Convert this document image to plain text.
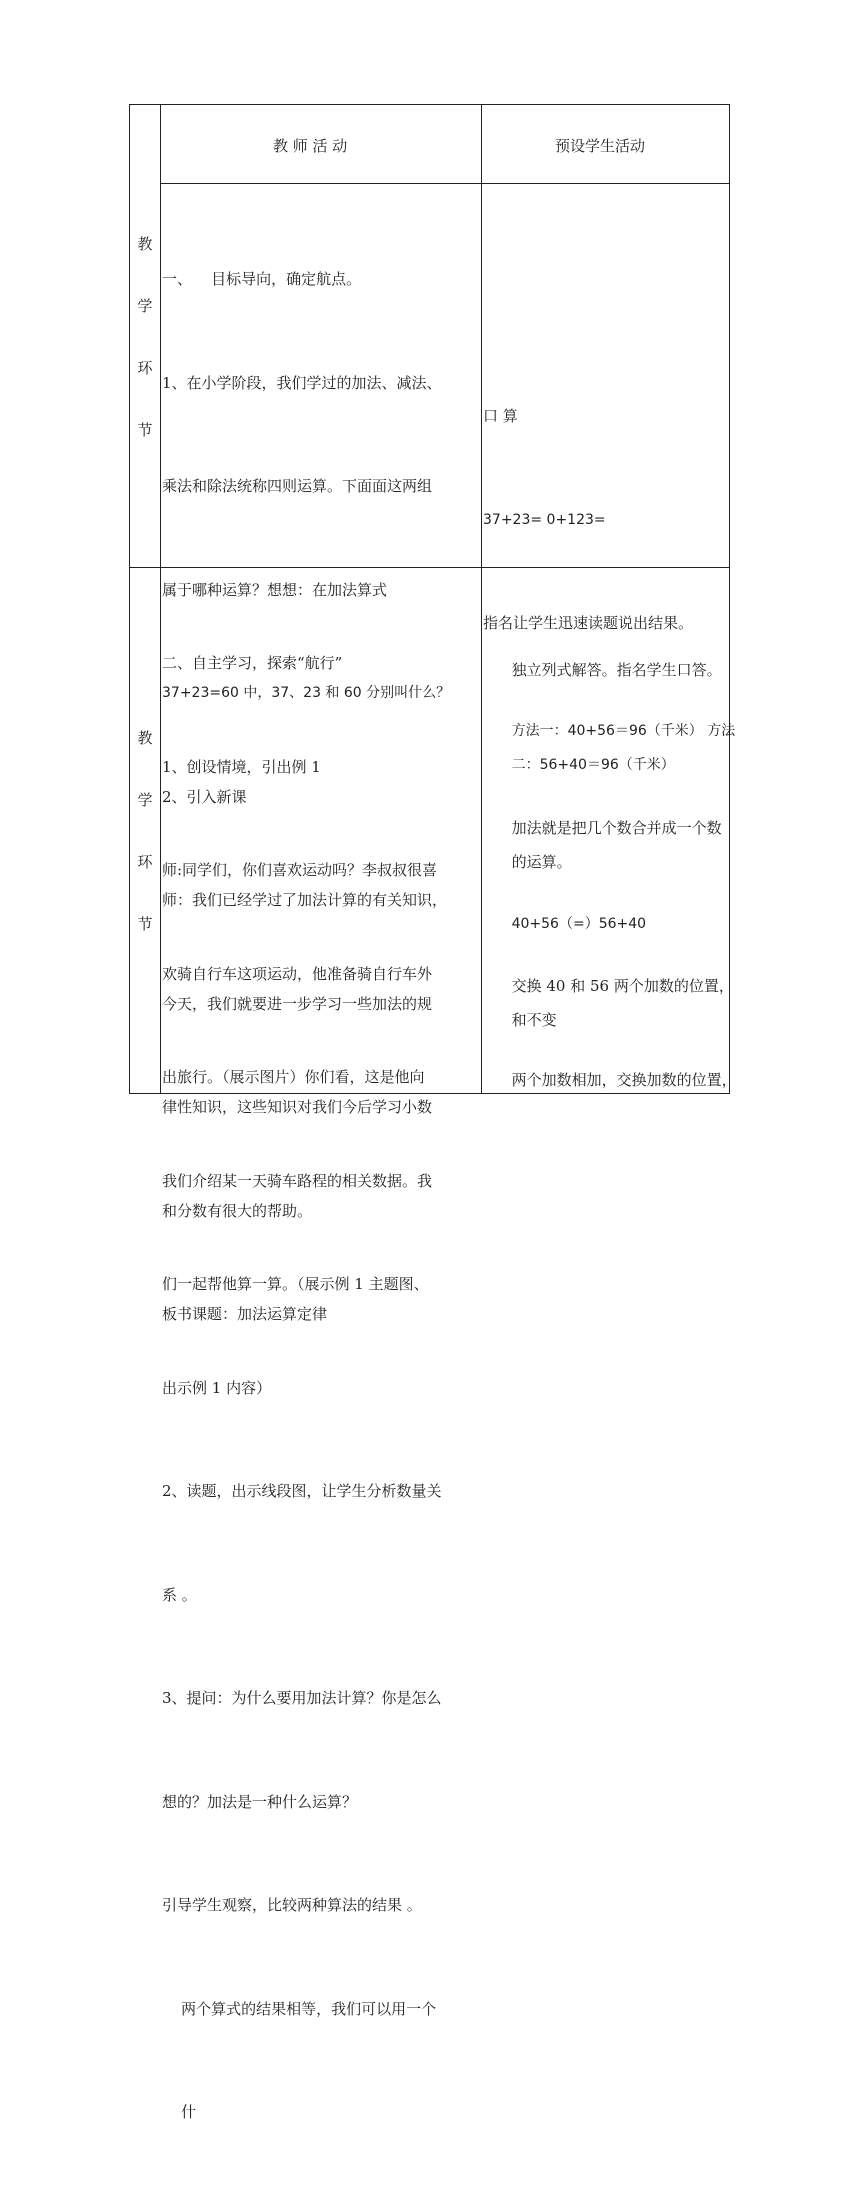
教 师 活 动	预设学生活动
教
学
环
节

一、    目标导向，确定航点。

1、在小学阶段，我们学过的加法、减法、

乘法和除法统称四则运算。下面面这两组

属于哪种运算？想想：在加法算式

37+23=60 中，37、23 和 60 分别叫什么？

2、引入新课

师：我们已经学过了加法计算的有关知识，

今天，我们就要进一步学习一些加法的规

律性知识，这些知识对我们今后学习小数

和分数有很大的帮助。

板书课题：加法运算定律

口 算

37+23= 0+123=

指名让学生迅速读题说出结果。

教
学
环
节

二、自主学习，探索“航行”

1、创设情境，引出例 1

师:同学们，你们喜欢运动吗？李叔叔很喜

欢骑自行车这项运动，他准备骑自行车外

出旅行。（展示图片）你们看，这是他向

我们介绍某一天骑车路程的相关数据。我

们一起帮他算一算。（展示例 1 主题图、

出示例 1 内容）

2、读题，出示线段图，让学生分析数量关

系 。

3、提问：为什么要用加法计算？你是怎么

想的？加法是一种什么运算？

引导学生观察，比较两种算法的结果 。

两个算式的结果相等，我们可以用一个

什

独立列式解答。指名学生口答。

方法一：40+56＝96（千米） 方法

二：56+40＝96（千米）

加法就是把几个数合并成一个数

的运算。

40+56（=）56+40

交换 40 和 56 两个加数的位置，

和不变

两个加数相加，交换加数的位置，
